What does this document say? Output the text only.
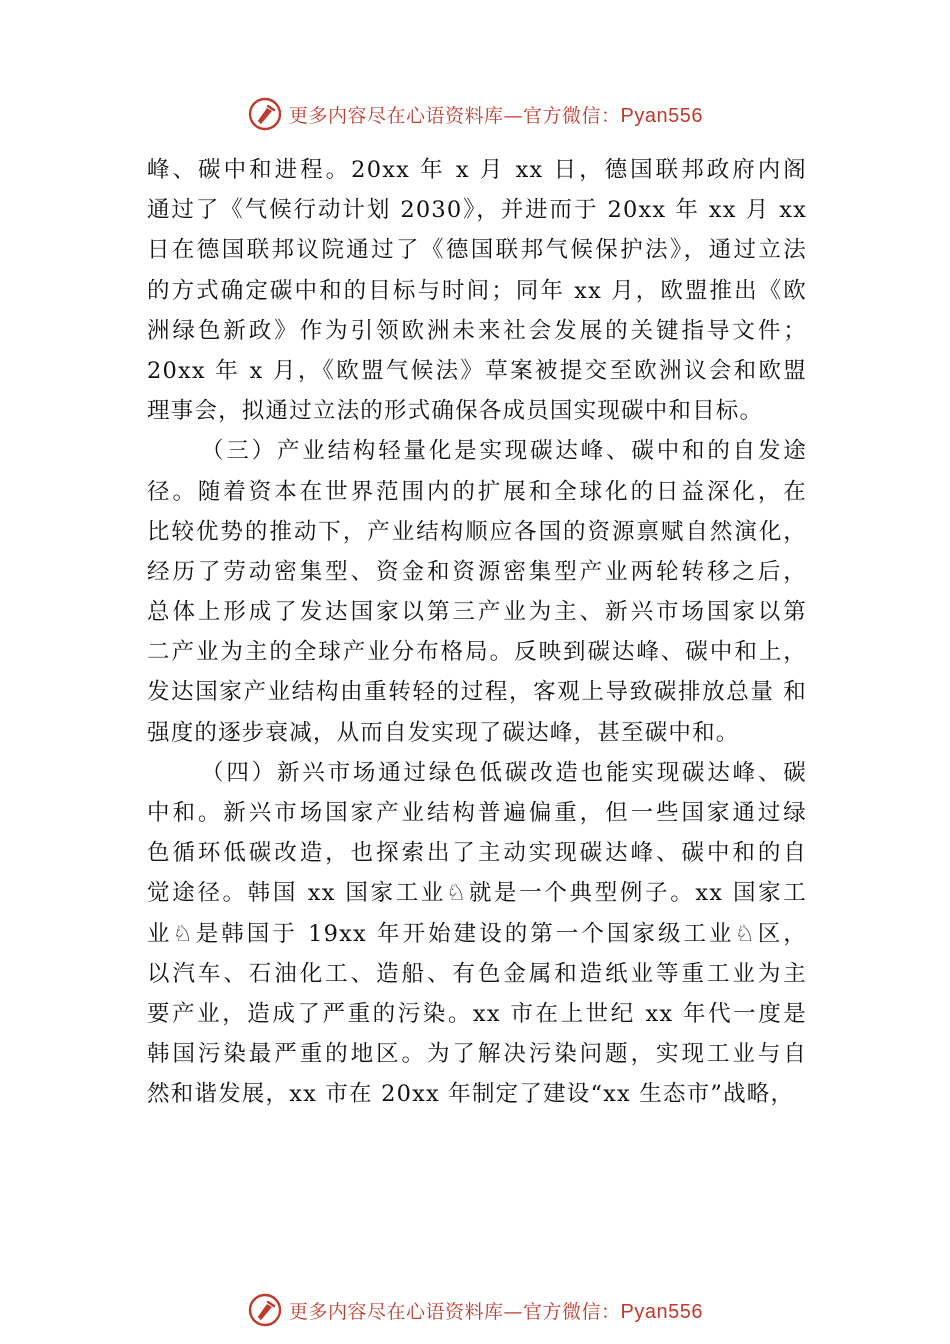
更多内容尽在心语资料库—官方微信：Pyan556
峰、碳中和进程。20xx 年 x 月 xx 日，德国联邦政府内阁
通过了《气候行动计划 2030》，并进而于 20xx 年 xx 月 xx
日在德国联邦议院通过了《德国联邦气候保护法》，通过立法
的方式确定碳中和的目标与时间；同年 xx 月，欧盟推出《欧
洲绿色新政》作为引领欧洲未来社会发展的关键指导文件；
20xx 年 x 月，《欧盟气候法》草案被提交至欧洲议会和欧盟
理事会，拟通过立法的形式确保各成员国实现碳中和目标。
（三）产业结构轻量化是实现碳达峰、碳中和的自发途
径。随着资本在世界范围内的扩展和全球化的日益深化，在
比较优势的推动下，产业结构顺应各国的资源禀赋自然演化，
经历了劳动密集型、资金和资源密集型产业两轮转移之后，
总体上形成了发达国家以第三产业为主、新兴市场国家以第
二产业为主的全球产业分布格局。反映到碳达峰、碳中和上，
发达国家产业结构由重转轻的过程，客观上导致碳排放总量 和
强度的逐步衰减，从而自发实现了碳达峰，甚至碳中和。
（四）新兴市场通过绿色低碳改造也能实现碳达峰、碳
中和。新兴市场国家产业结构普遍偏重，但一些国家通过绿
色循环低碳改造，也探索出了主动实现碳达峰、碳中和的自
觉途径。韩国 xx 国家工业♘就是一个典型例子。xx 国家工
业♘是韩国于 19xx 年开始建设的第一个国家级工业♘区，
以汽车、石油化工、造船、有色金属和造纸业等重工业为主
要产业，造成了严重的污染。xx 市在上世纪 xx 年代一度是
韩国污染最严重的地区。为了解决污染问题，实现工业与自
然和谐发展，xx 市在 20xx 年制定了建设“xx 生态市”战略，
更多内容尽在心语资料库—官方微信：Pyan556
